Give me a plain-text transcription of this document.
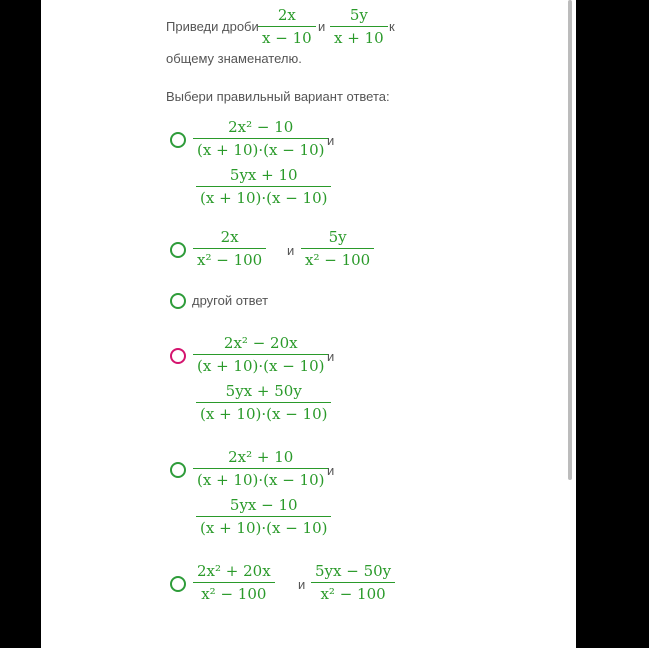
Приведи дроби $\frac{2x}{x - 10}$ и $\frac{5y}{x + 10}$ к
общему знаменателю.
Выбери правильный вариант ответа:
$\frac{\text{2x² − 10}}{(x + 10)\cdot(x - 10)}$
и
$\frac{5yx + 10}{(x + 10)\cdot(x - 10)}$
$\frac{2x}{\text{x² − 100}}$ и $\frac{5y}{\text{x² − 100}}$
другой ответ
$\frac{\text{2x² − 20x}}{(x + 10)\cdot(x - 10)}$
и
$\frac{5yx + 50y}{(x + 10)\cdot(x - 10)}$
$\frac{\text{2x² + 10}}{(x + 10)\cdot(x - 10)}$
и
$\frac{5yx - 10}{(x + 10)\cdot(x - 10)}$
$\frac{\text{2x² + 20x}}{\text{x² − 100}}$ и $\frac{5yx - 50y}{\text{x² − 100}}$
